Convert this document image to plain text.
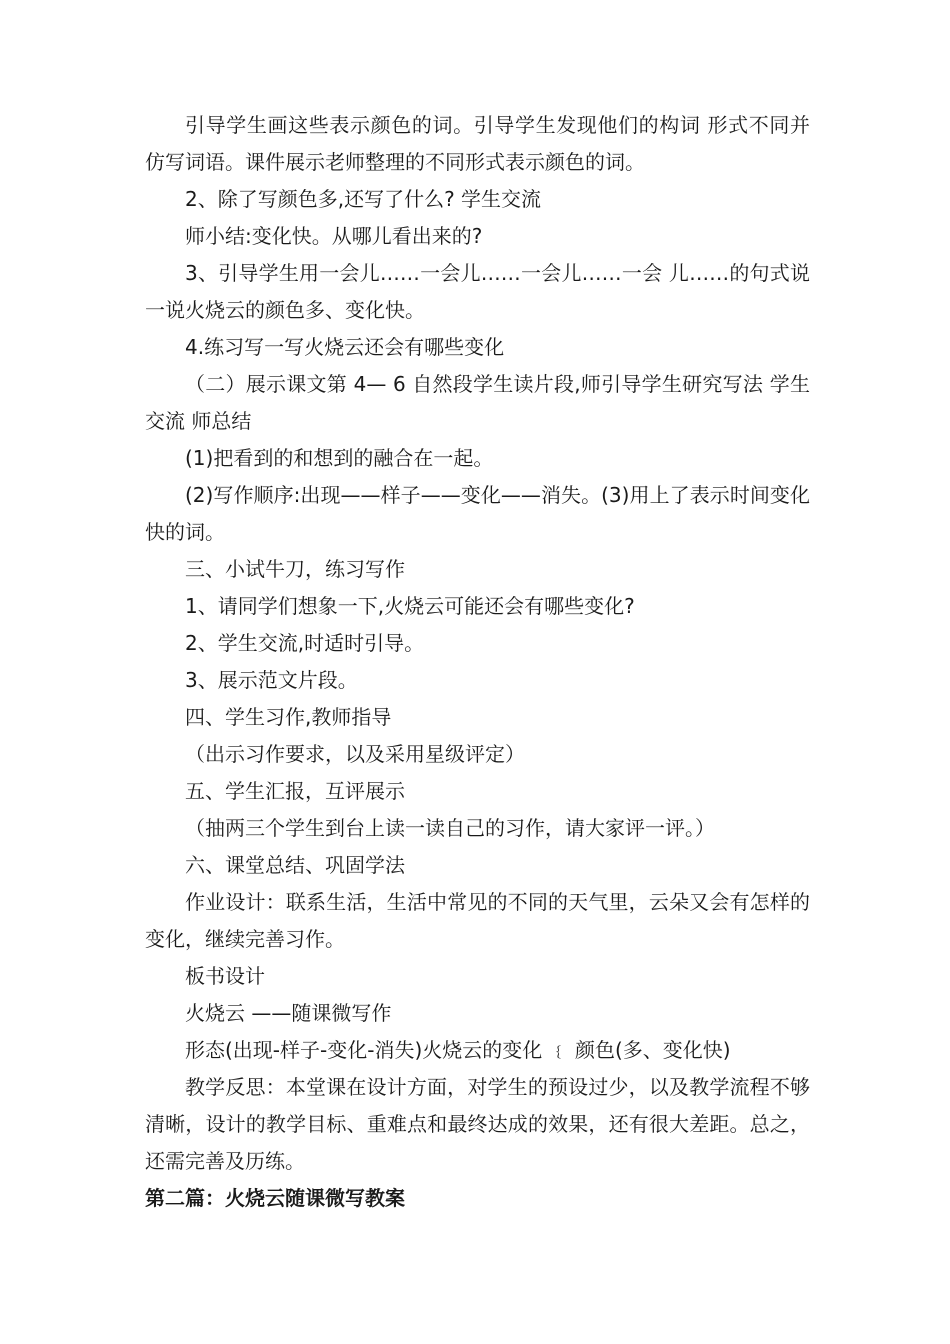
引导学生画这些表示颜色的词。引导学生发现他们的构词 形式不同并仿写词语。课件展示老师整理的不同形式表示颜色的词。

2、除了写颜色多,还写了什么? 学生交流

师小结:变化快。从哪儿看出来的?

3、引导学生用一会儿……一会儿……一会儿……一会 儿……的句式说一说火烧云的颜色多、变化快。

4.练习写一写火烧云还会有哪些变化

（二）展示课文第 4— 6 自然段学生读片段,师引导学生研究写法 学生交流 师总结

(1)把看到的和想到的融合在一起。

(2)写作顺序:出现——样子——变化——消失。(3)用上了表示时间变化快的词。

三、小试牛刀，练习写作

1、请同学们想象一下,火烧云可能还会有哪些变化?

2、学生交流,时适时引导。

3、展示范文片段。

四、学生习作,教师指导

（出示习作要求，以及采用星级评定）

五、学生汇报，互评展示

（抽两三个学生到台上读一读自己的习作，请大家评一评。）

六、课堂总结、巩固学法

作业设计：联系生活，生活中常见的不同的天气里，云朵又会有怎样的变化，继续完善习作。

板书设计

火烧云 ——随课微写作

形态(出现-样子-变化-消失)火烧云的变化 ﹛ 颜色(多、变化快)

教学反思：本堂课在设计方面，对学生的预设过少，以及教学流程不够清晰，设计的教学目标、重难点和最终达成的效果，还有很大差距。总之，还需完善及历练。

第二篇：火烧云随课微写教案
